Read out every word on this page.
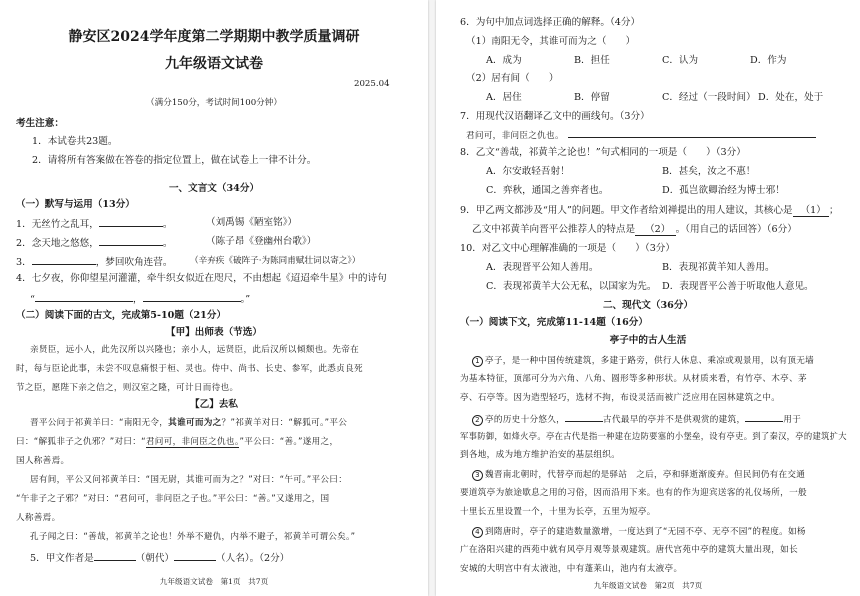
静安区2024学年度第二学期期中教学质量调研
九年级语文试卷
2025.04
（满分150分，考试时间100分钟）
考生注意：
1．本试卷共23题。
2．请将所有答案做在答卷的指定位置上，做在试卷上一律不计分。
一、文言文（34分）
（一）默写与运用（13分）
1．无丝竹之乱耳，	。	（刘禹锡《陋室铭》）
2．念天地之悠悠，	。	（陈子昂《登幽州台歌》）
3．	，梦回吹角连营。 （辛弃疾《破阵子·为陈同甫赋壮词以寄之》）
4．七夕夜，你仰望星河灌灌，牵牛织女似近在咫尺，不由想起《迢迢牵牛星》中的诗句
“	，	。”
（二）阅读下面的古文，完成第5-10题（21分）
【甲】出师表（节选）
亲贤臣，远小人，此先汉所以兴隆也；亲小人，远贤臣，此后汉所以倾颓也。先帝在
时，每与臣论此事，未尝不叹息痛恨于桓、灵也。侍中、尚书、长史、参军，此悉贞良死
节之臣，愿陛下亲之信之，则汉室之隆，可计日而待也。
【乙】去私
晋平公问于祁黄羊曰：“南阳无令，其谁可而为之？”祁黄羊对曰：“解狐可。”平公
曰：“解狐非子之仇邪？”对曰：“君问可，非问臣之仇也。”平公曰：“善。”遂用之，
国人称善焉。
居有间，平公又问祁黄羊曰：“国无尉，其谁可而为之？”对曰：“午可。”平公曰：
“午非子之子邪？”对曰：“君问可，非问臣之子也。”平公曰：“善。”又遂用之，国
人称善焉。
孔子闻之曰：“善哉，祁黄羊之论也！外举不避仇，内举不避子，祁黄羊可谓公矣。”
5．甲文作者是	（朝代）	（人名）。（2分）
九年级语文试卷　第1页　共7页
6．为句中加点词选择正确的解释。（4分）
（1）南阳无令，其谁可而为之（　　）
A．成为	B．担任	C．认为	D．作为
（2）居有间（　　）
A．居住	B．停留	C．经过（一段时间） D．处在，处于
7．用现代汉语翻译乙文中的画线句。（3分）
君问可，非问臣之仇也。
8．乙文“善哉，祁黄羊之论也！”句式相同的一项是（　　）（3分）
A．尔安敢轻吾射！	B．甚矣，汝之不惠！
C．弈秋，通国之善弈者也。	D．孤岂欲卿治经为博士邪！
9．甲乙两文都涉及“用人”的问题。甲文作者给刘禅提出的用人建议，其核心是 （1） ；
乙文中祁黄羊向晋平公推荐人的特点是 （2） 。（用自己的话回答）（6分）
10．对乙文中心理解准确的一项是（　　）（3分）
A．表现晋平公知人善用。	B．表现祁黄羊知人善用。
C．表现祁黄羊大公无私，以国家为先。 D．表现晋平公善于听取他人意见。
二、现代文（36分）
（一）阅读下文，完成第11-14题（16分）
亭子中的古人生活
1 亭子，是一种中国传统建筑，多建于路旁，供行人休息、乘凉或观景用，以有顶无墙
为基本特征，顶部可分为六角、八角、圆形等多种形状。从材质来看，有竹亭、木亭、茅
亭、石亭等。因为造型轻巧，选材不拘，布设灵活而被广泛应用在园林建筑之中。
2 亭的历史十分悠久，	古代最早的亭并不是供观赏的建筑，	用于
军事防御，如烽火亭。亭在古代是指一种建在边防要塞的小堡垒，设有亭吏。到了秦汉，亭的建筑扩大
到各地，成为地方维护治安的基层组织。
3 魏晋南北朝时，代替亭而起的是驿站　之后，亭和驿逝渐废弃。但民间仍有在交通
要道筑亭为旅途歇息之用的习俗，因而沿用下来。也有的作为迎宾送客的礼仪场所，一般
十里长五里设置一个，十里为长亭，五里为短亭。
4 到隋唐时，亭子的建造数量激增，一度达到了“无园不亭、无亭不园”的程度。如杨
广在洛阳兴建的西苑中就有风亭月观等景观建筑。唐代宫苑中亭的建筑大量出现，如长
安城的大明宫中有太液池，中有蓬莱山，池内有太液亭。
九年级语文试卷　第2页　共7页
